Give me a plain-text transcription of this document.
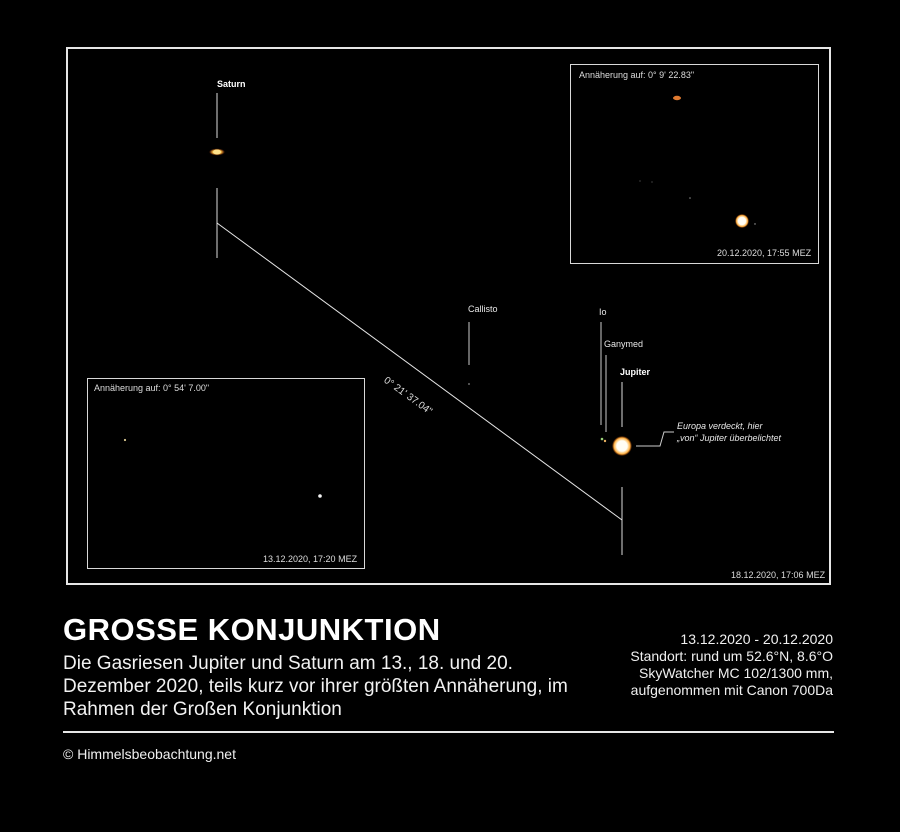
Annäherung auf: 0° 9' 22.83"
20.12.2020, 17:55 MEZ
Annäherung auf: 0° 54' 7.00"
13.12.2020, 17:20 MEZ
Saturn
Callisto	Io
Ganymed
Jupiter
Europa verdeckt, hier
„von“ Jupiter überbelichtet
0° 21' 37.04"
18.12.2020, 17:06 MEZ
GROSSE KONJUNKTION
Die Gasriesen Jupiter und Saturn am 13., 18. und 20. Dezember 2020, teils kurz vor ihrer größten Annäherung, im Rahmen der Großen Konjunktion
13.12.2020 - 20.12.2020
Standort: rund um 52.6°N, 8.6°O
SkyWatcher MC 102/1300 mm,
aufgenommen mit Canon 700Da
© Himmelsbeobachtung.net
